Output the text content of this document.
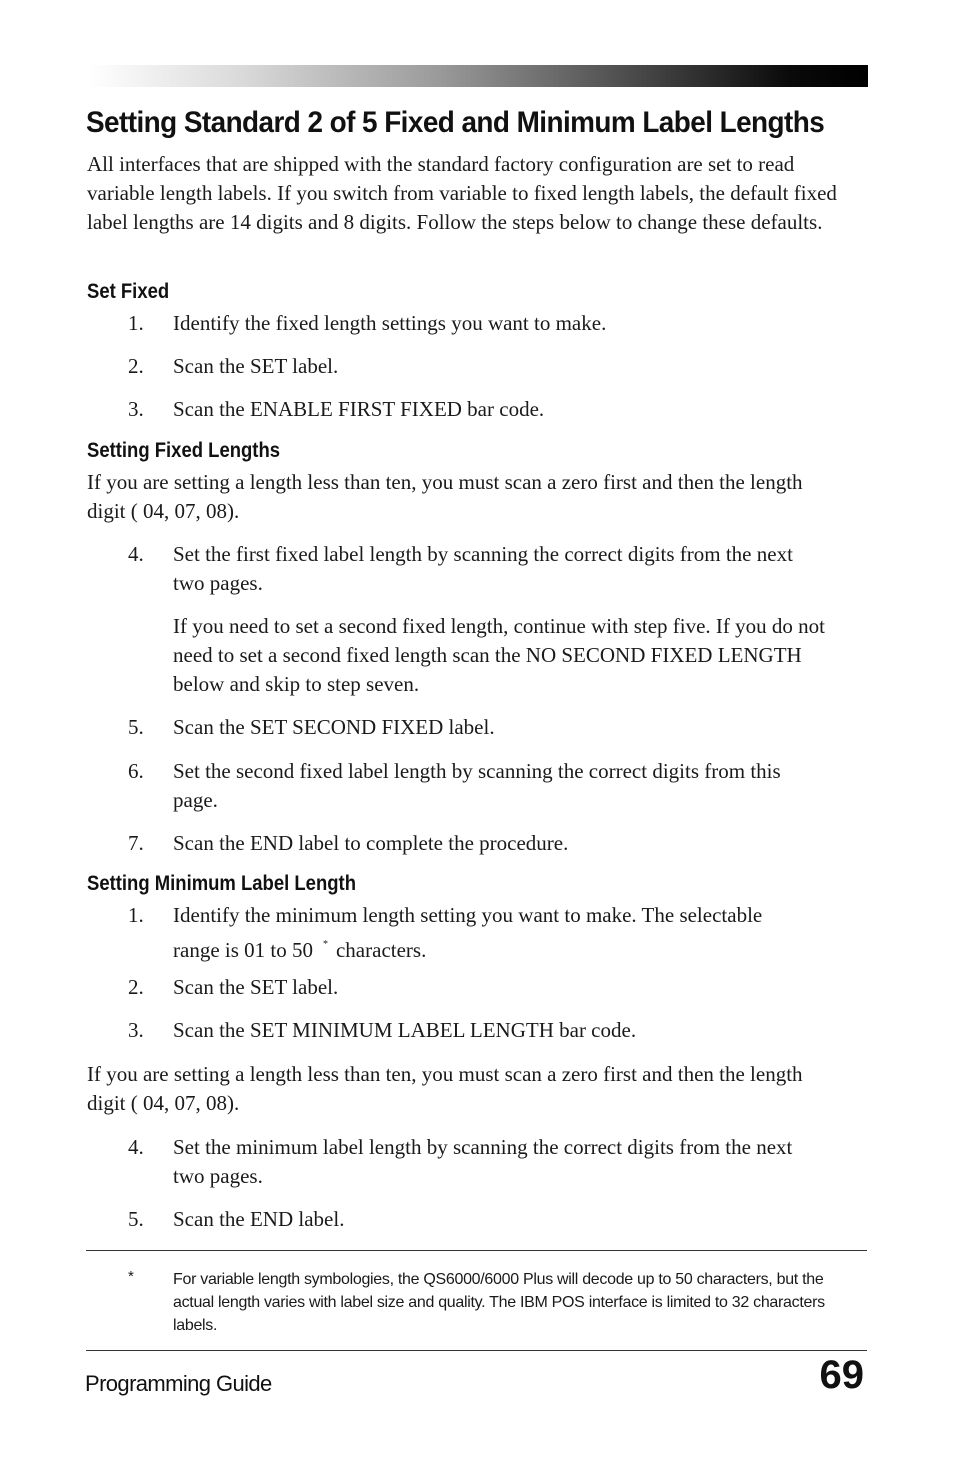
Setting Standard 2 of 5 Fixed and Minimum Label Lengths

All interfaces that are shipped with the standard factory configuration are set to read variable length labels. If you switch from variable to fixed length labels, the default fixed label lengths are 14 digits and 8 digits. Follow the steps below to change these defaults.

Set Fixed
1.	Identify the fixed length settings you want to make.
2.	Scan the SET label.
3.	Scan the ENABLE FIRST FIXED bar code.
Setting Fixed Lengths

If you are setting a length less than ten, you must scan a zero first and then the length digit ( 04, 07, 08).

4.	Set the first fixed label length by scanning the correct digits from the next two pages.

If you need to set a second fixed length, continue with step five. If you do not need to set a second fixed length scan the NO SECOND FIXED LENGTH below and skip to step seven.

5.	Scan the SET SECOND FIXED label.
6.	Set the second fixed label length by scanning the correct digits from this page.
7.	Scan the END label to complete the procedure.
Setting Minimum Label Length
1.	Identify the minimum length setting you want to make. The selectable range is 01 to 50 * characters.
2.	Scan the SET label.
3.	Scan the SET MINIMUM LABEL LENGTH bar code.

If you are setting a length less than ten, you must scan a zero first and then the length digit ( 04, 07, 08).

4.	Set the minimum label length by scanning the correct digits from the next two pages.
5.	Scan the END label.
* For variable length symbologies, the QS6000/6000 Plus will decode up to 50 characters, but the actual length varies with label size and quality. The IBM POS interface is limited to 32 characters labels.

Programming Guide	69
